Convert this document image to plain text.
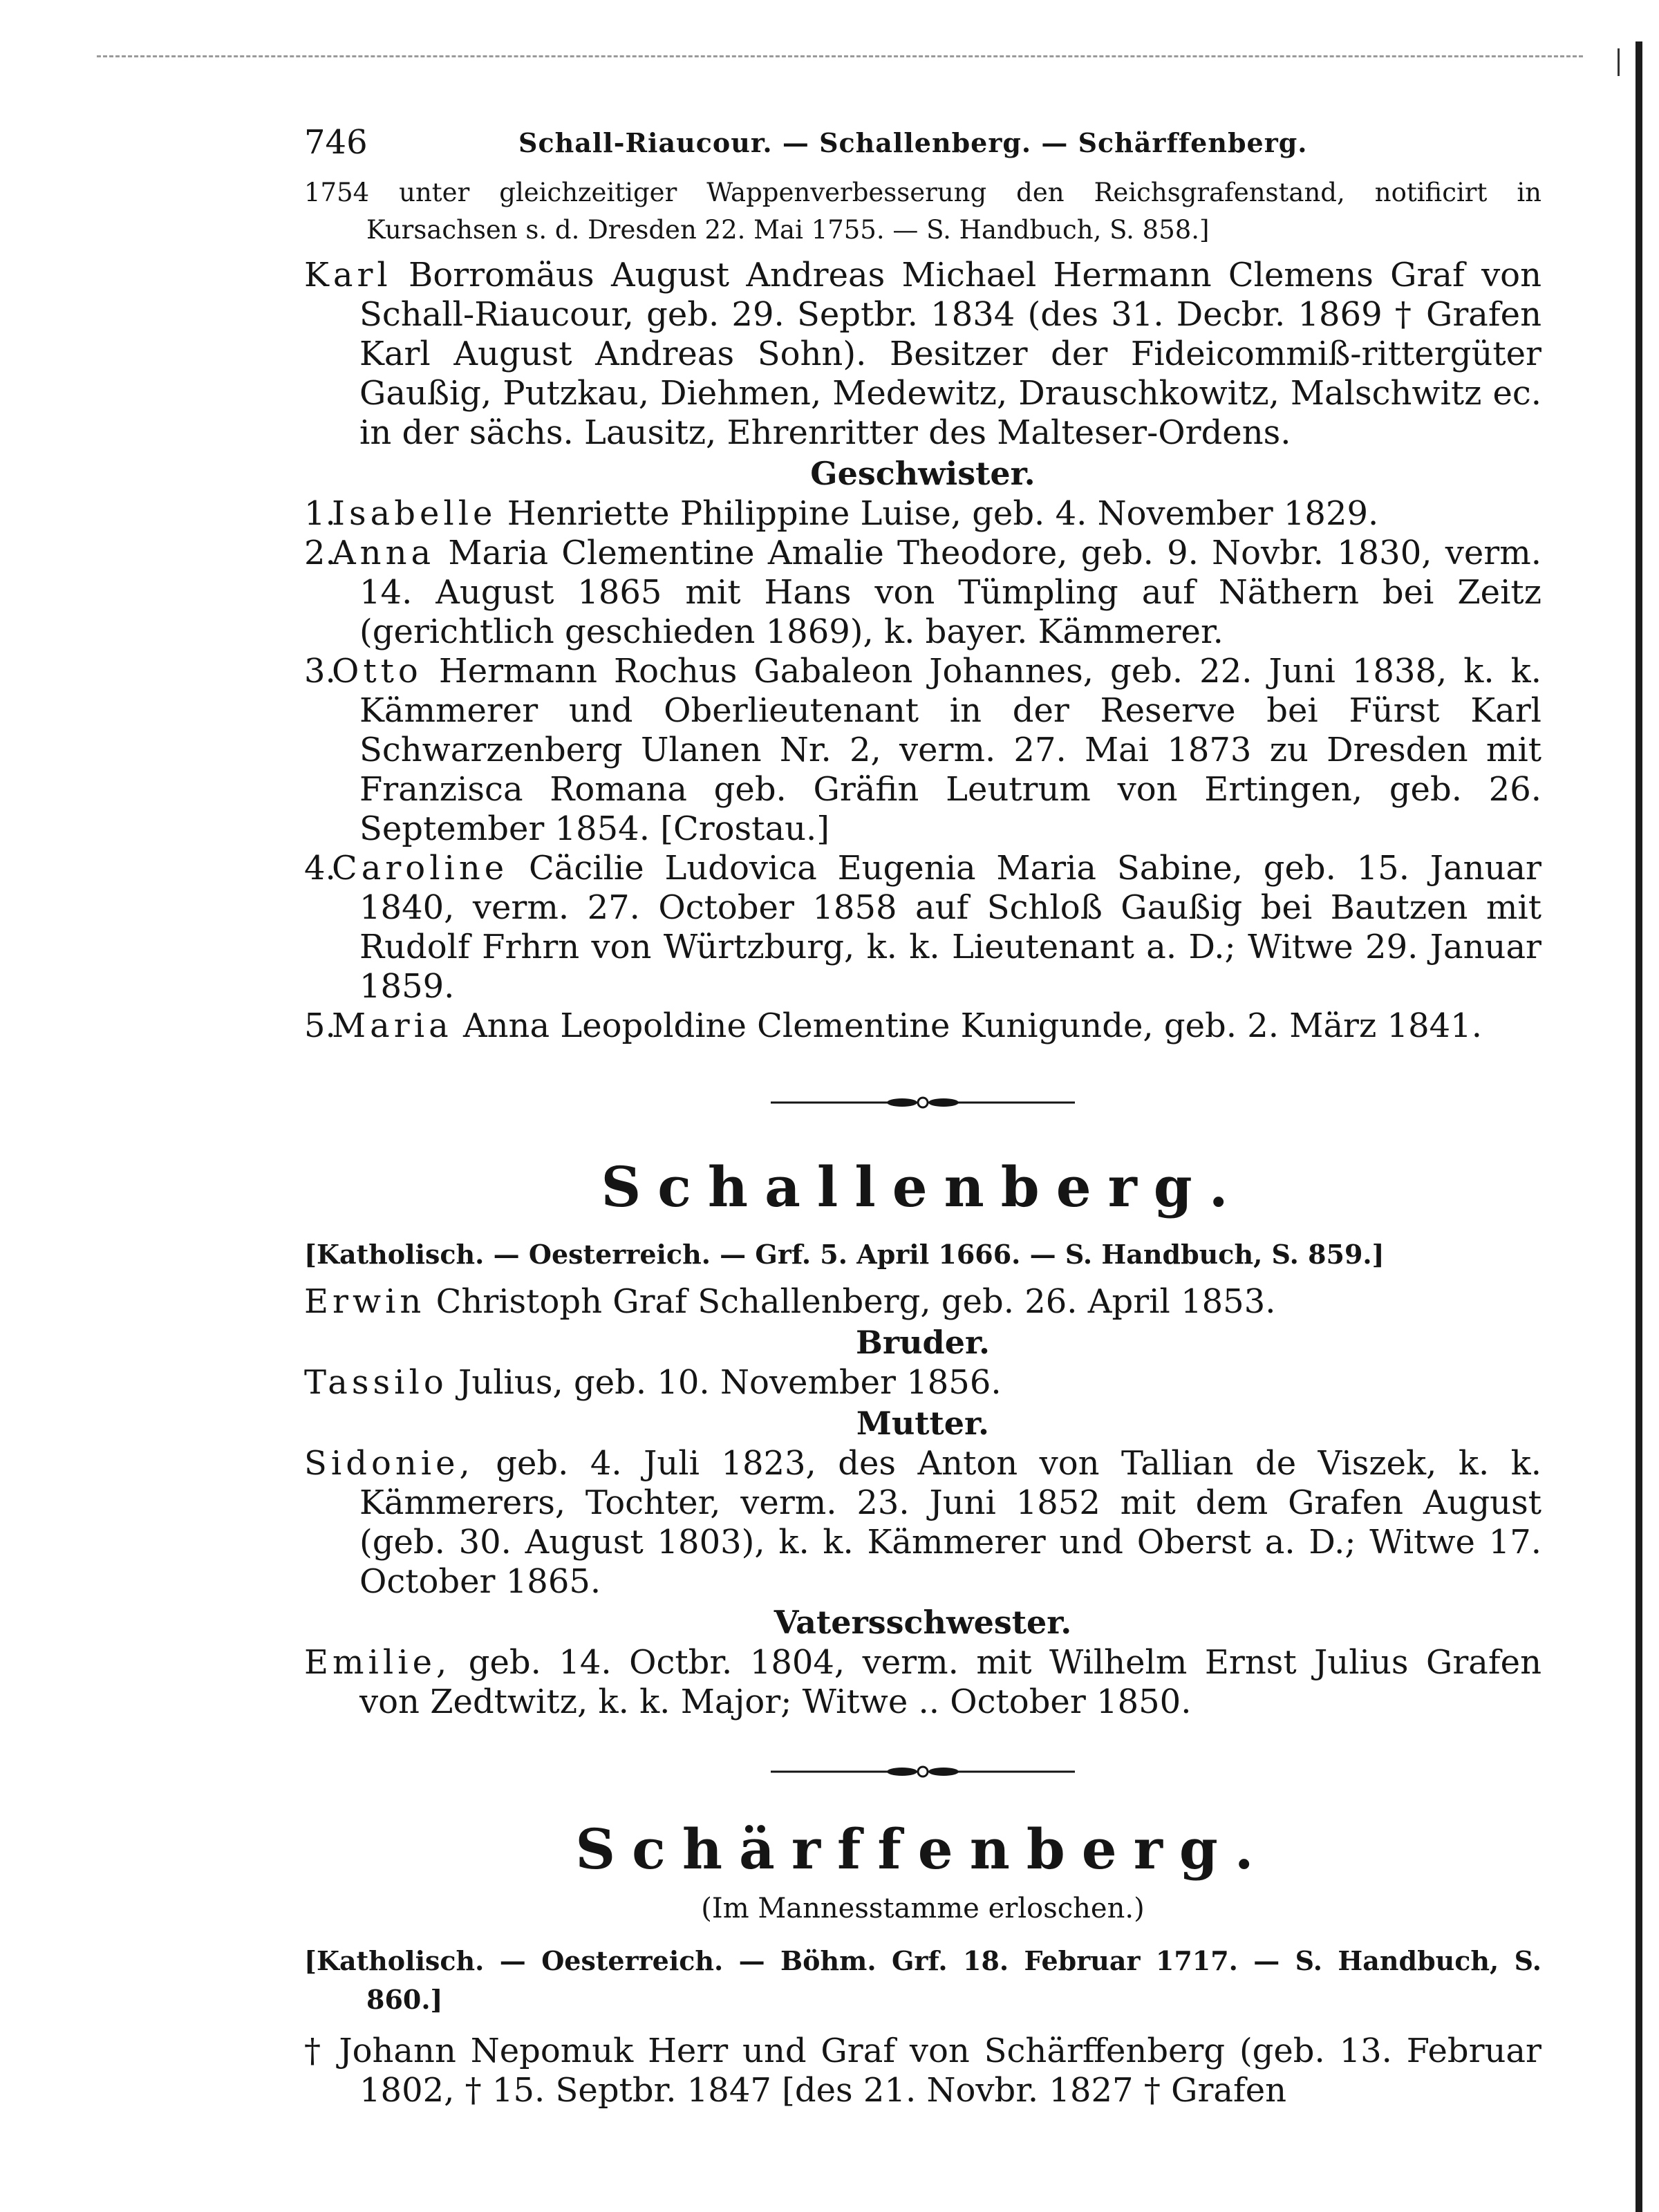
746	Schall-Riaucour. — Schallenberg. — Schärffenberg.
1754 unter gleichzeitiger Wappenverbesserung den Reichsgrafenstand, notificirt in Kursachsen s. d. Dresden 22. Mai 1755. — S. Handbuch, S. 858.]
Karl Borromäus August Andreas Michael Hermann Clemens Graf von Schall-Riaucour, geb. 29. Septbr. 1834 (des 31. Decbr. 1869 † Grafen Karl August Andreas Sohn). Besitzer der Fideicommiß-rittergüter Gaußig, Putzkau, Diehmen, Medewitz, Drauschkowitz, Malschwitz ec. in der sächs. Lausitz, Ehrenritter des Malteser-Ordens.
Geschwister.
1.Isabelle Henriette Philippine Luise, geb. 4. November 1829.
2.Anna Maria Clementine Amalie Theodore, geb. 9. Novbr. 1830, verm. 14. August 1865 mit Hans von Tümpling auf Näthern bei Zeitz (gerichtlich geschieden 1869), k. bayer. Kämmerer.
3.Otto Hermann Rochus Gabaleon Johannes, geb. 22. Juni 1838, k. k. Kämmerer und Oberlieutenant in der Reserve bei Fürst Karl Schwarzenberg Ulanen Nr. 2, verm. 27. Mai 1873 zu Dresden mit Franzisca Romana geb. Gräfin Leutrum von Ertingen, geb. 26. September 1854. [Crostau.]
4.Caroline Cäcilie Ludovica Eugenia Maria Sabine, geb. 15. Januar 1840, verm. 27. October 1858 auf Schloß Gaußig bei Bautzen mit Rudolf Frhrn von Würtzburg, k. k. Lieutenant a. D.; Witwe 29. Januar 1859.
5.Maria Anna Leopoldine Clementine Kunigunde, geb. 2. März 1841.
Schallenberg.
[Katholisch. — Oesterreich. — Grf. 5. April 1666. — S. Handbuch, S. 859.]
Erwin Christoph Graf Schallenberg, geb. 26. April 1853.
Bruder.
Tassilo Julius, geb. 10. November 1856.
Mutter.
Sidonie, geb. 4. Juli 1823, des Anton von Tallian de Viszek, k. k. Kämmerers, Tochter, verm. 23. Juni 1852 mit dem Grafen August (geb. 30. August 1803), k. k. Kämmerer und Oberst a. D.; Witwe 17. October 1865.
Vatersschwester.
Emilie, geb. 14. Octbr. 1804, verm. mit Wilhelm Ernst Julius Grafen von Zedtwitz, k. k. Major; Witwe .. October 1850.
Schärffenberg.
(Im Mannesstamme erloschen.)
[Katholisch. — Oesterreich. — Böhm. Grf. 18. Februar 1717. — S. Handbuch, S. 860.]
† Johann Nepomuk Herr und Graf von Schärffenberg (geb. 13. Februar 1802, † 15. Septbr. 1847 [des 21. Novbr. 1827 † Grafen
